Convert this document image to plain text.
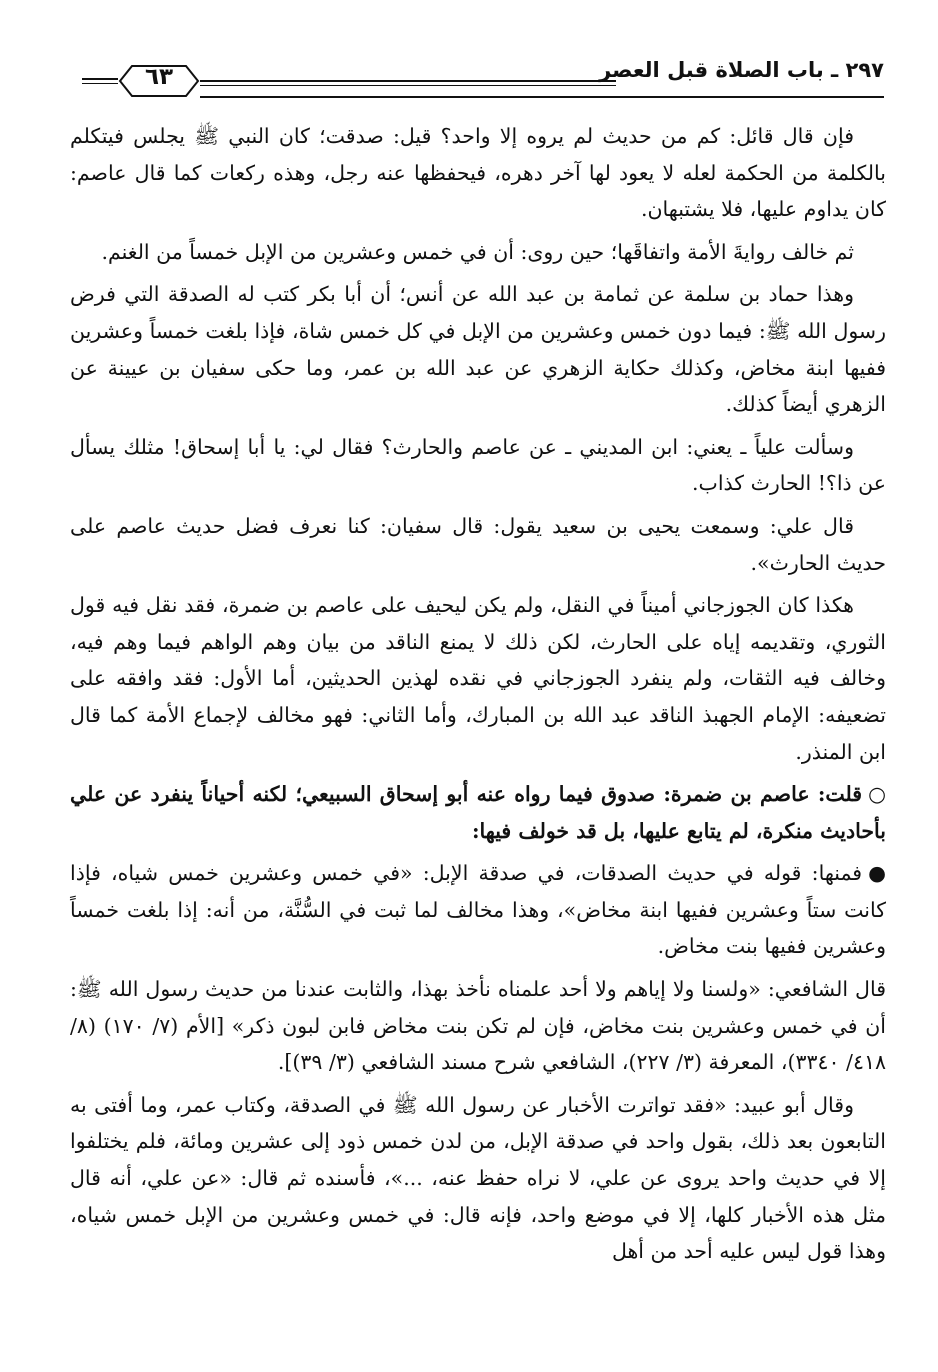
٢٩٧ ـ باب الصلاة قبل العصر
٦٣

فإن قال قائل: كم من حديث لم يروه إلا واحد؟ قيل: صدقت؛ كان النبي ﷺ يجلس فيتكلم بالكلمة من الحكمة لعله لا يعود لها آخر دهره، فيحفظها عنه رجل، وهذه ركعات كما قال عاصم: كان يداوم عليها، فلا يشتبهان.

ثم خالف روايةَ الأمة واتفاقَها؛ حين روى: أن في خمس وعشرين من الإبل خمساً من الغنم.

وهذا حماد بن سلمة عن ثمامة بن عبد الله عن أنس؛ أن أبا بكر كتب له الصدقة التي فرض رسول الله ﷺ: فيما دون خمس وعشرين من الإبل في كل خمس شاة، فإذا بلغت خمساً وعشرين ففيها ابنة مخاض، وكذلك حكاية الزهري عن عبد الله بن عمر، وما حكى سفيان بن عيينة عن الزهري أيضاً كذلك.

وسألت علياً ـ يعني: ابن المديني ـ عن عاصم والحارث؟ فقال لي: يا أبا إسحاق! مثلك يسأل عن ذا؟! الحارث كذاب.

قال علي: وسمعت يحيى بن سعيد يقول: قال سفيان: كنا نعرف فضل حديث عاصم على حديث الحارث».

هكذا كان الجوزجاني أميناً في النقل، ولم يكن ليحيف على عاصم بن ضمرة، فقد نقل فيه قول الثوري، وتقديمه إياه على الحارث، لكن ذلك لا يمنع الناقد من بيان وهم الواهم فيما وهم فيه، وخالف فيه الثقات، ولم ينفرد الجوزجاني في نقده لهذين الحديثين، أما الأول: فقد وافقه على تضعيفه: الإمام الجهبذ الناقد عبد الله بن المبارك، وأما الثاني: فهو مخالف لإجماع الأمة كما قال ابن المنذر.

○قلت: عاصم بن ضمرة: صدوق فيما رواه عنه أبو إسحاق السبيعي؛ لكنه أحياناً ينفرد عن علي بأحاديث منكرة، لم يتابع عليها، بل قد خولف فيها:

●فمنها: قوله في حديث الصدقات، في صدقة الإبل: «في خمس وعشرين خمس شياه، فإذا كانت ستاً وعشرين ففيها ابنة مخاض»، وهذا مخالف لما ثبت في السُّنَّة، من أنه: إذا بلغت خمساً وعشرين ففيها بنت مخاض.

قال الشافعي: «ولسنا ولا إياهم ولا أحد علمناه نأخذ بهذا، والثابت عندنا من حديث رسول الله ﷺ: أن في خمس وعشرين بنت مخاض، فإن لم تكن بنت مخاض فابن لبون ذكر» [الأم (٧/ ١٧٠) (٨/ ٤١٨/ ٣٣٤٠)، المعرفة (٣/ ٢٢٧)، الشافعي شرح مسند الشافعي (٣/ ٣٩)].

وقال أبو عبيد: «فقد تواترت الأخبار عن رسول الله ﷺ في الصدقة، وكتاب عمر، وما أفتى به التابعون بعد ذلك، بقول واحد في صدقة الإبل، من لدن خمس ذود إلى عشرين ومائة، فلم يختلفوا إلا في حديث واحد يروى عن علي، لا نراه حفظ عنه، ...»، فأسنده ثم قال: «عن علي، أنه قال مثل هذه الأخبار كلها، إلا في موضع واحد، فإنه قال: في خمس وعشرين من الإبل خمس شياه، وهذا قول ليس عليه أحد من أهل
